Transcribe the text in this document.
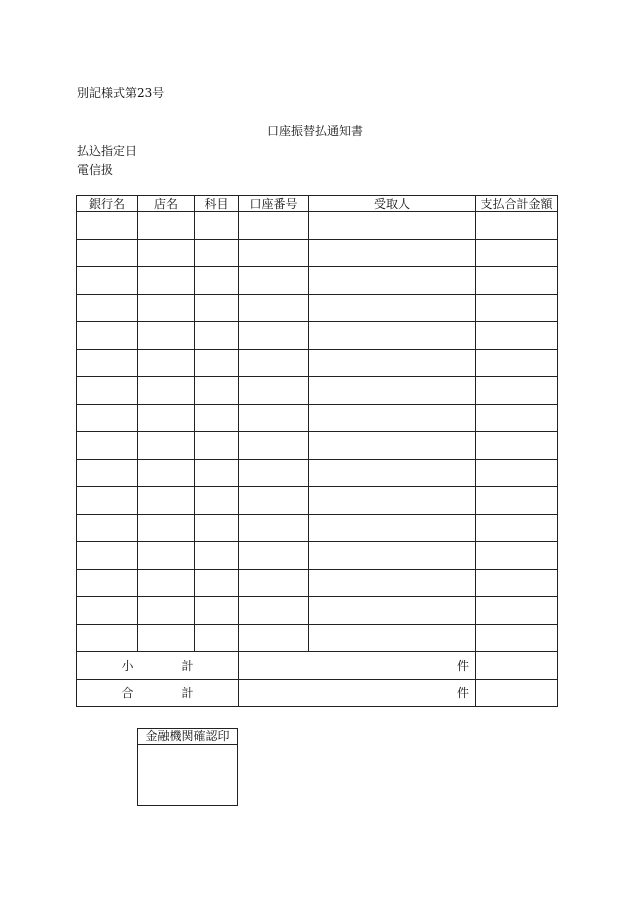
別記様式第23号
口座振替払通知書
払込指定日
電信扱
銀行名	店名	科目	口座番号	受取人	支払合計金額

小 計			件		
合 計			件		
金融機関確認印
